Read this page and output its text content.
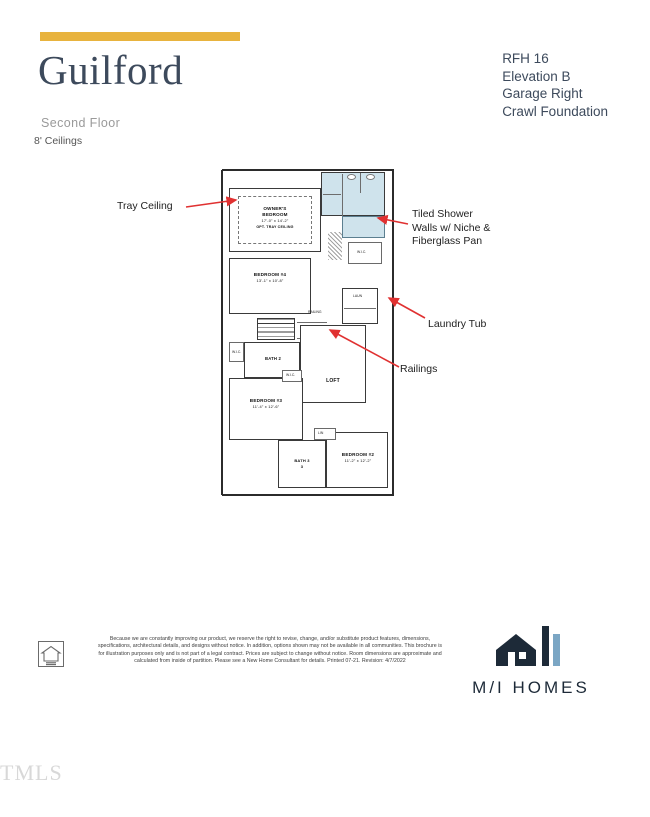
Guilford
Second Floor
8' Ceilings
RFH 16
Elevation B
Garage Right
Crawl Foundation
Tray Ceiling
Tiled Shower
Walls w/ Niche &
Fiberglass Pan
Laundry Tub
Railings
OWNER'S
BEDROOM
17'-0" x 14'-2"
OPT. TRAY CEILING
W.I.C.
BEDROOM #4
13'-1" x 10'-8"
RAILING
LAUN
BATH 2
W.I.C.
LOFT
BEDROOM #3
11'-4" x 12'-6"
W.I.C.
BATH 3
3
BEDROOM #2
11'-2" x 12'-2"
LIN
Because we are constantly improving our product, we reserve the right to revise, change, and/or substitute product features, dimensions, specifications, architectural details, and designs without notice. In addition, options shown may not be available in all communities. This brochure is for illustration purposes only and is not part of a legal contract. Prices are subject to change without notice. Room dimensions are approximate and calculated from inside of partition. Please see a New Home Consultant for details. Printed 07-21. Revision: 4/7/2022
M/I HOMES
TMLS
